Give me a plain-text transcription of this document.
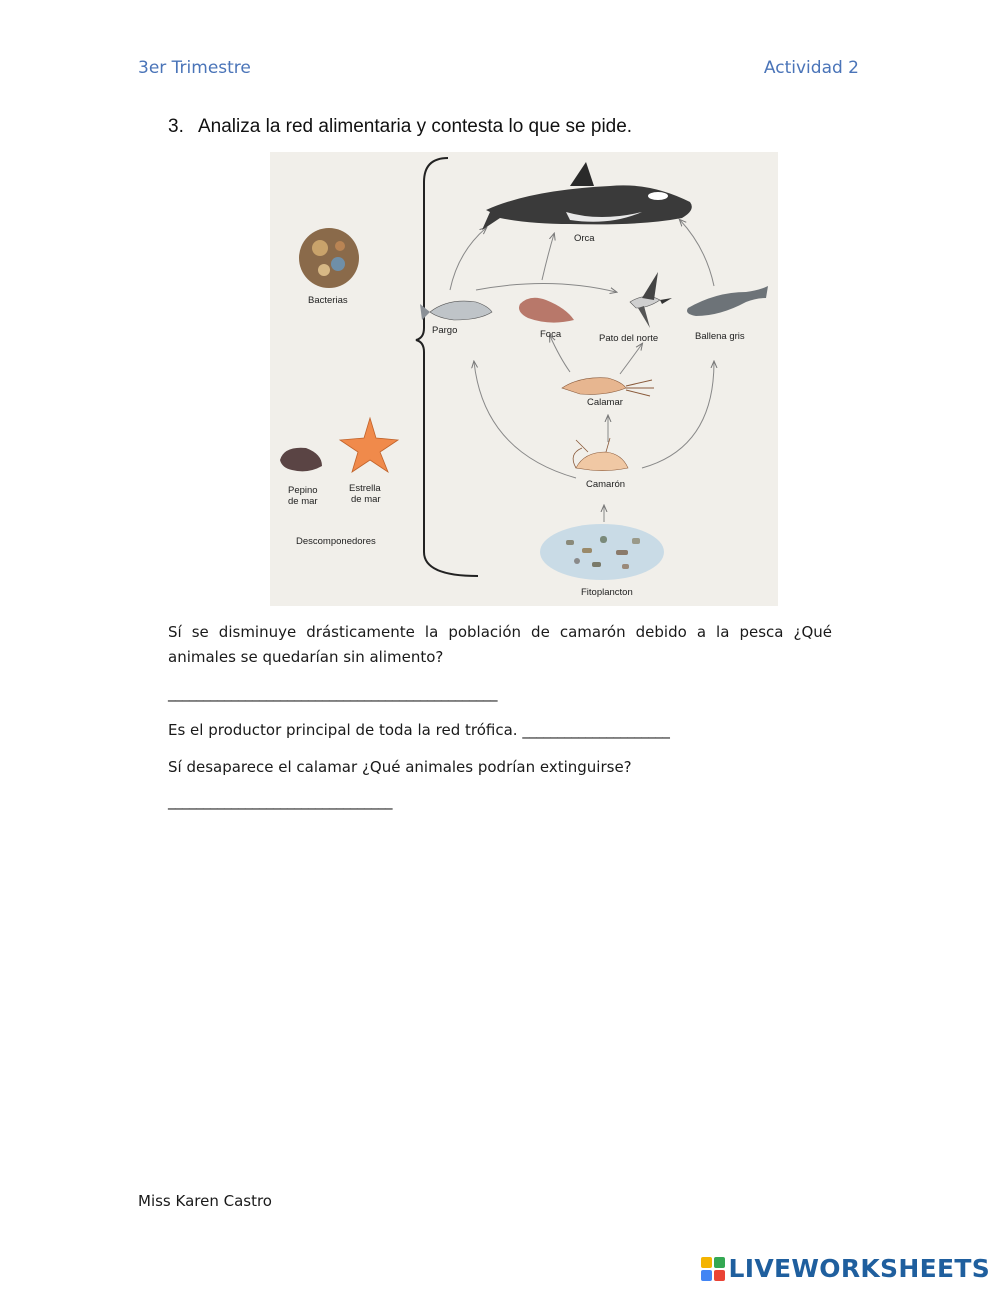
3er Trimestre	Actividad 2
3. Analiza la red alimentaria y contesta lo que se pide.
Orca
Bacterias
Pargo	Foca	Pato del norte	Ballena gris
Calamar
Camarón
Pepino
de mar
Estrella
de mar
Descomponedores
Fitoplancton
Sí se disminuye drásticamente la población de camarón debido a la pesca ¿Qué animales se quedarían sin alimento?
_______________________________________________
Es el productor principal de toda la red trófica. _____________________
Sí desaparece el calamar ¿Qué animales podrían extinguirse?
________________________________
Miss Karen Castro
LIVEWORKSHEETS
